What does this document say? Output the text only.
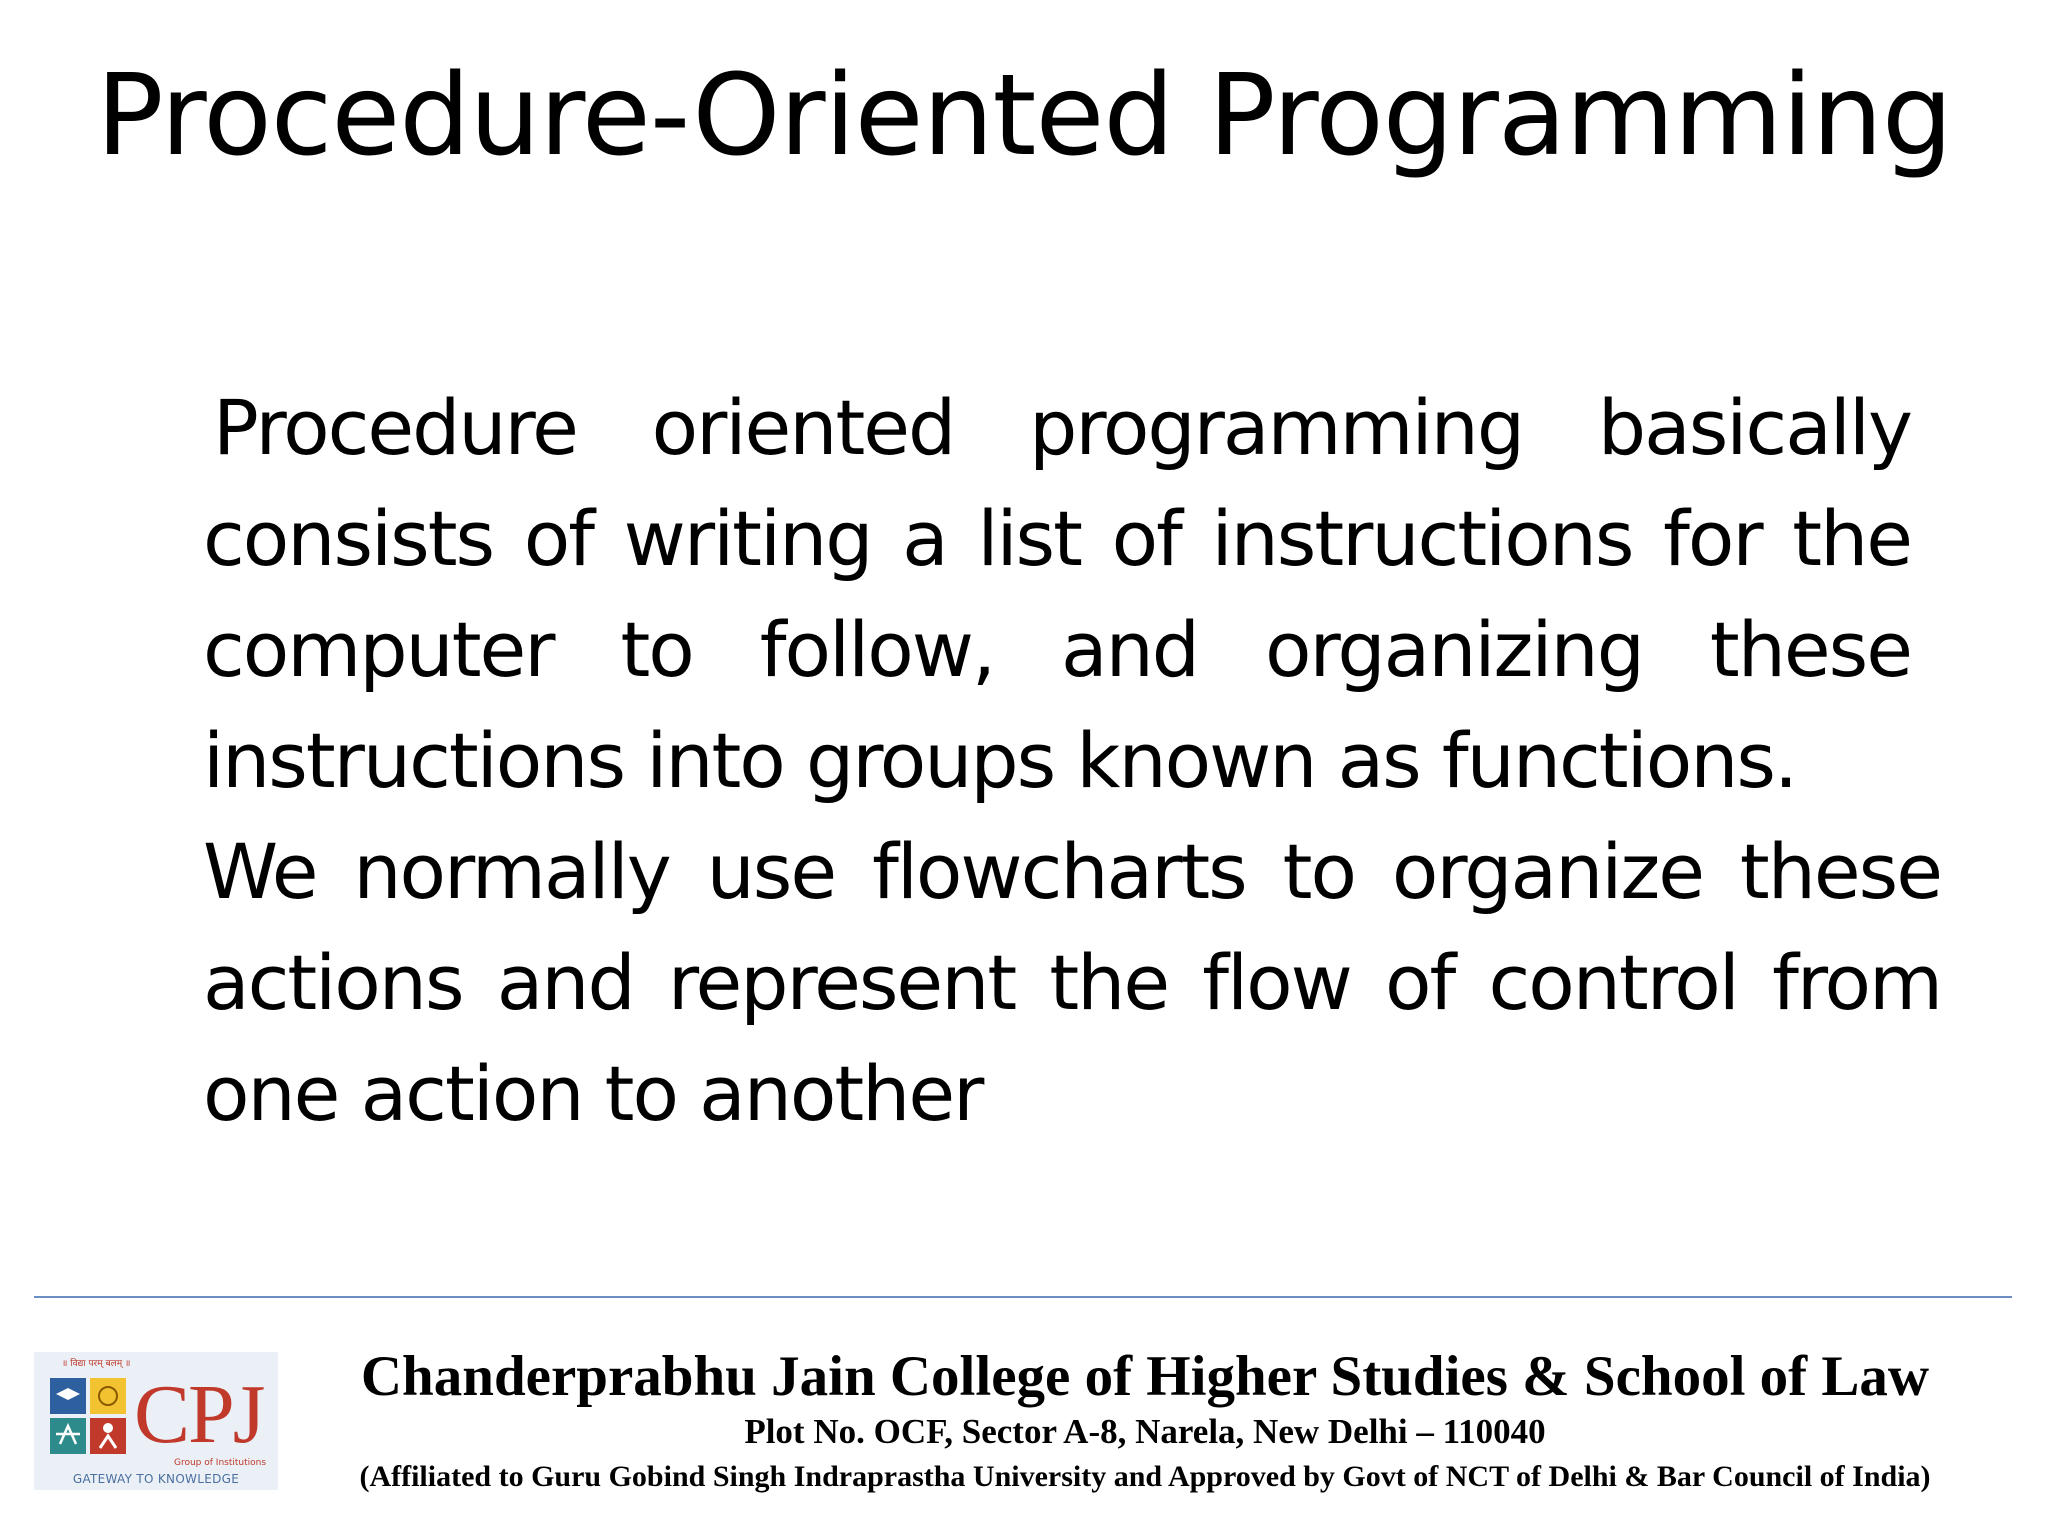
Procedure-Oriented Programming

Procedure oriented programming basically consists of writing a list of instructions for the computer to follow, and organizing these instructions into groups known as functions.

We normally use flowcharts to organize these actions and represent the flow of control from one action to another

॥ विद्या परम् बलम् ॥
CPJ
Group of Institutions
GATEWAY TO KNOWLEDGE
Chanderprabhu Jain College of Higher Studies & School of Law
Plot No. OCF, Sector A-8, Narela, New Delhi – 110040
(Affiliated to Guru Gobind Singh Indraprastha University and Approved by Govt of NCT of Delhi & Bar Council of India)
